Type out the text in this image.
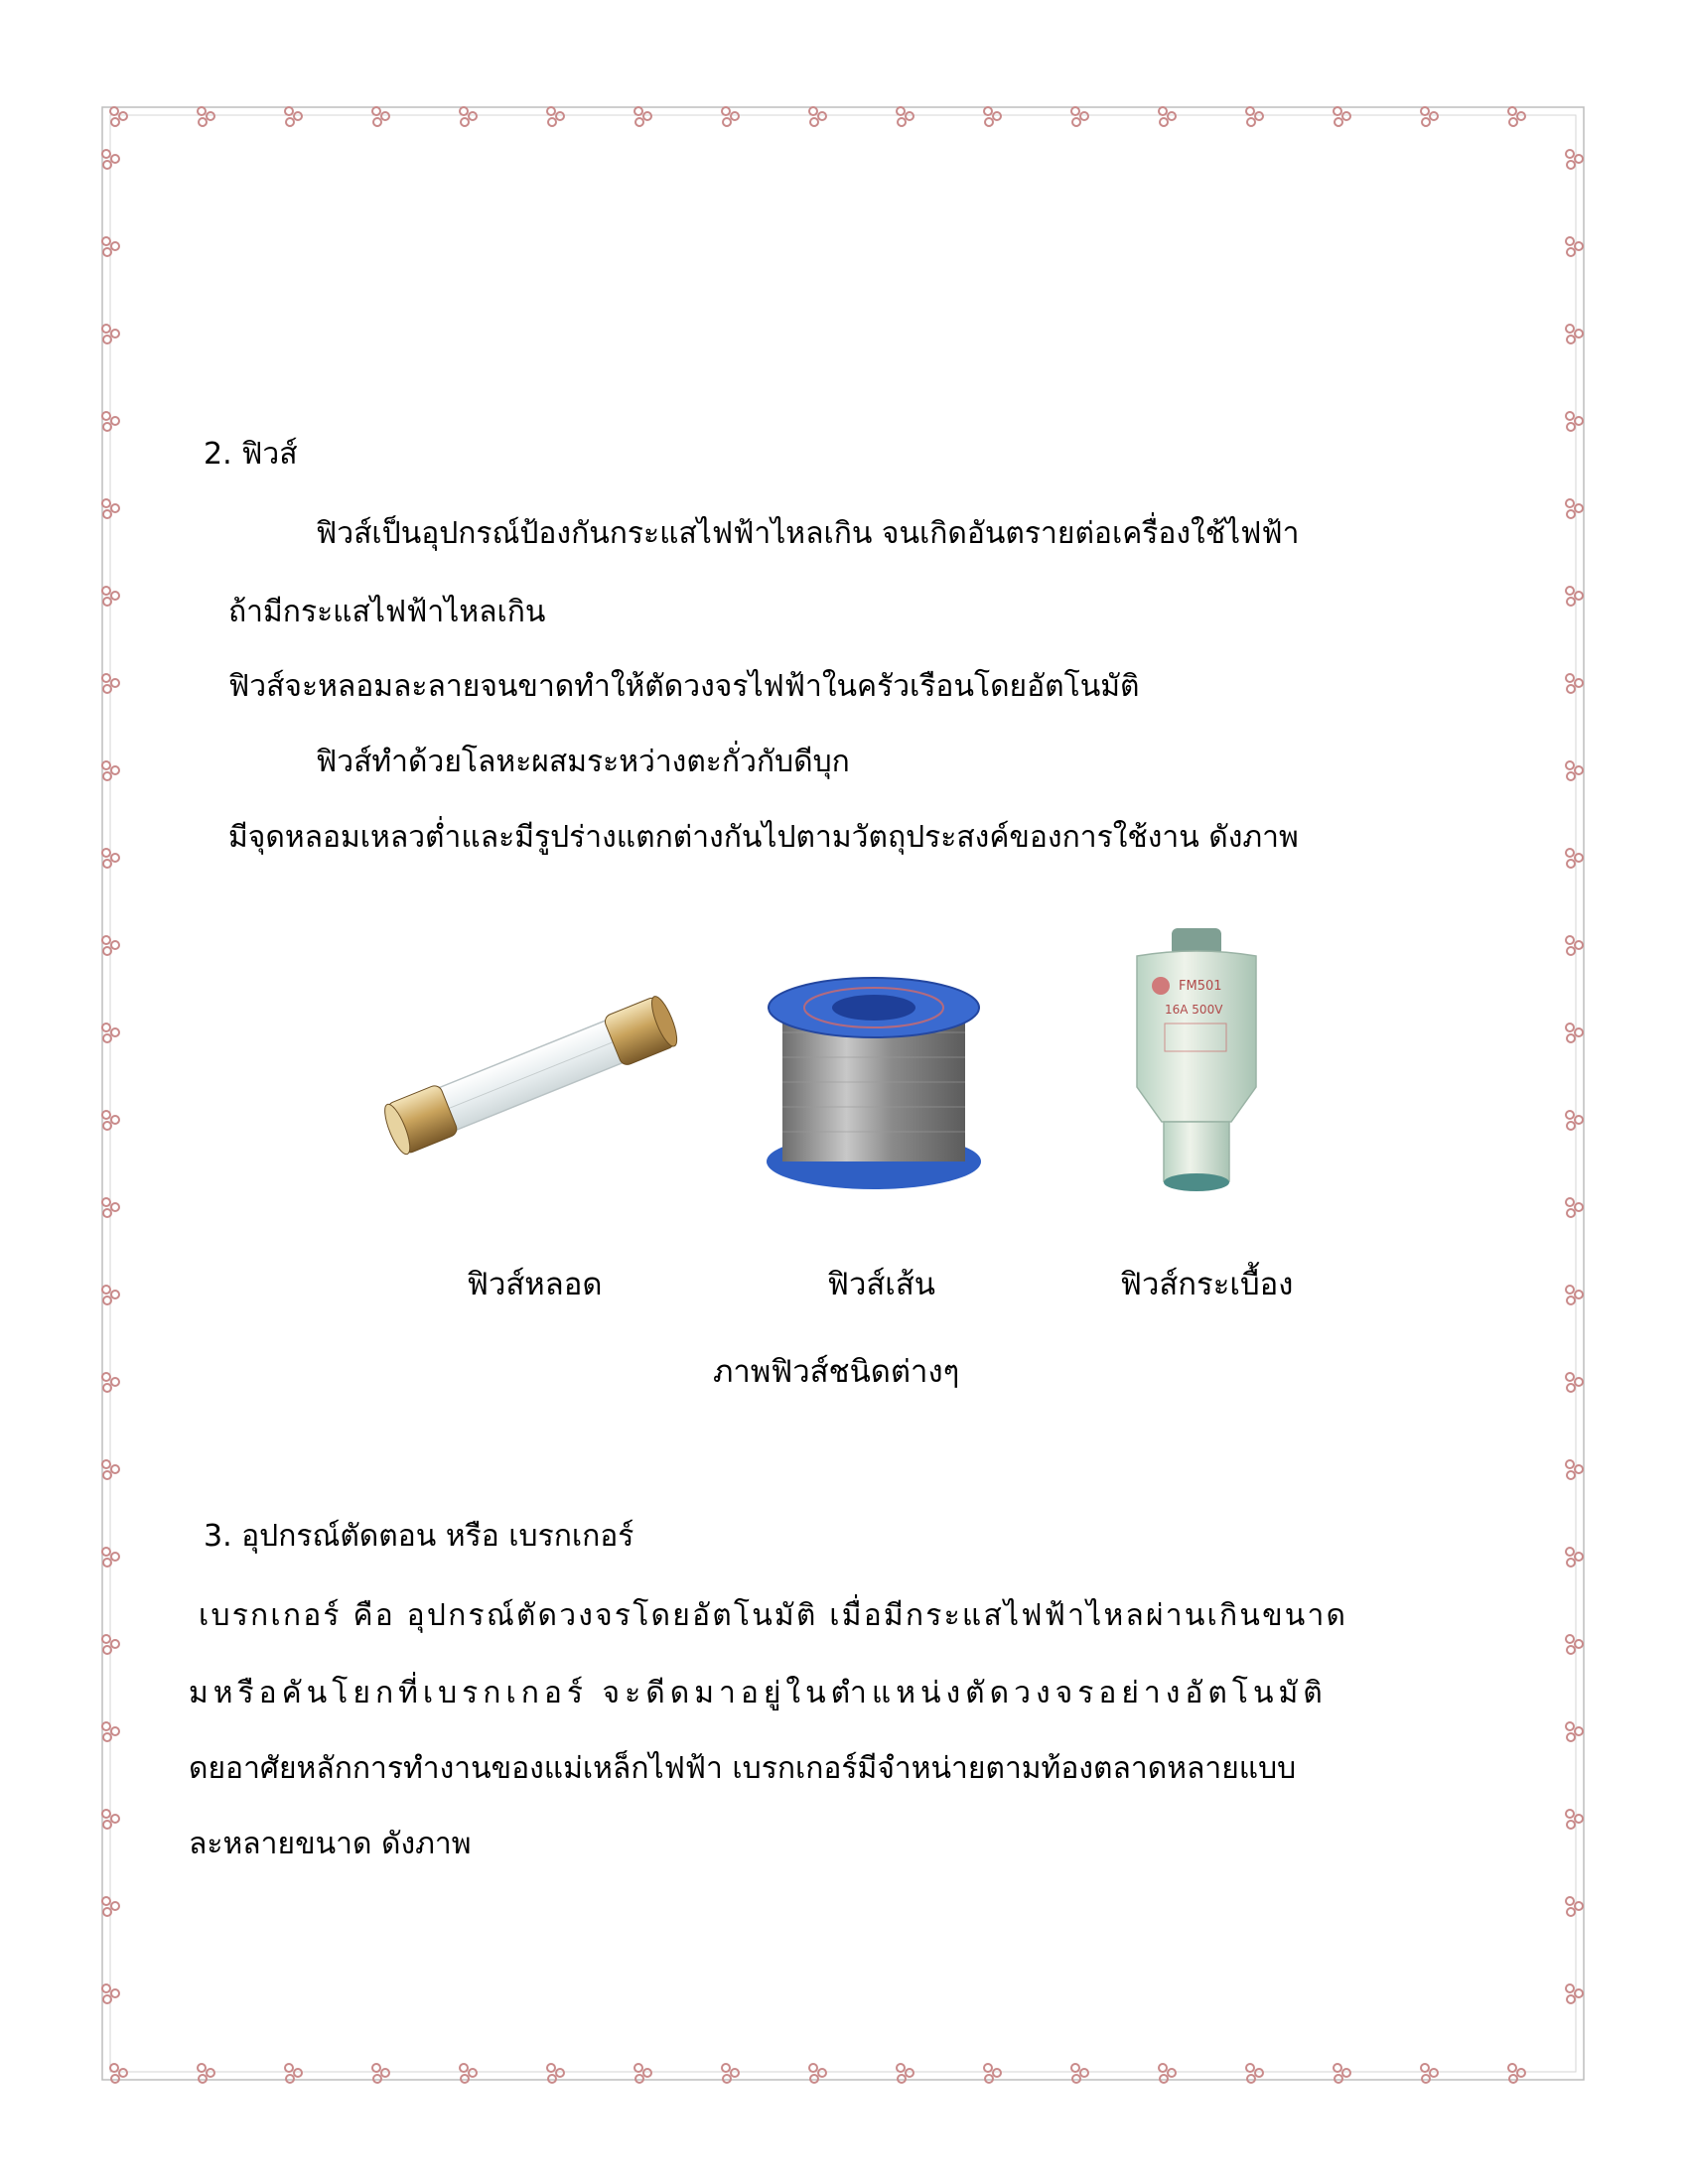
2. ฟิวส์
ฟิวส์เป็นอุปกรณ์ป้องกันกระแสไฟฟ้าไหลเกิน จนเกิดอันตรายต่อเครื่องใช้ไฟฟ้า
ถ้ามีกระแสไฟฟ้าไหลเกิน
ฟิวส์จะหลอมละลายจนขาดทำให้ตัดวงจรไฟฟ้าในครัวเรือนโดยอัตโนมัติ
ฟิวส์ทำด้วยโลหะผสมระหว่างตะกั่วกับดีบุก
มีจุดหลอมเหลวต่ำและมีรูปร่างแตกต่างกันไปตามวัตถุประสงค์ของการใช้งาน ดังภาพ
FM501
16A 500V
ฟิวส์หลอด	ฟิวส์เส้น	ฟิวส์กระเบื้อง
ภาพฟิวส์ชนิดต่างๆ
3. อุปกรณ์ตัดตอน หรือ เบรกเกอร์
เบรกเกอร์ คือ อุปกรณ์ตัดวงจรโดยอัตโนมัติ เมื่อมีกระแสไฟฟ้าไหลผ่านเกินขนาด
มหรือคันโยกที่เบรกเกอร์ จะดีดมาอยู่ในตำแหน่งตัดวงจรอย่างอัตโนมัติ
ดยอาศัยหลักการทำงานของแม่เหล็กไฟฟ้า เบรกเกอร์มีจำหน่ายตามท้องตลาดหลายแบบ
ละหลายขนาด ดังภาพ
